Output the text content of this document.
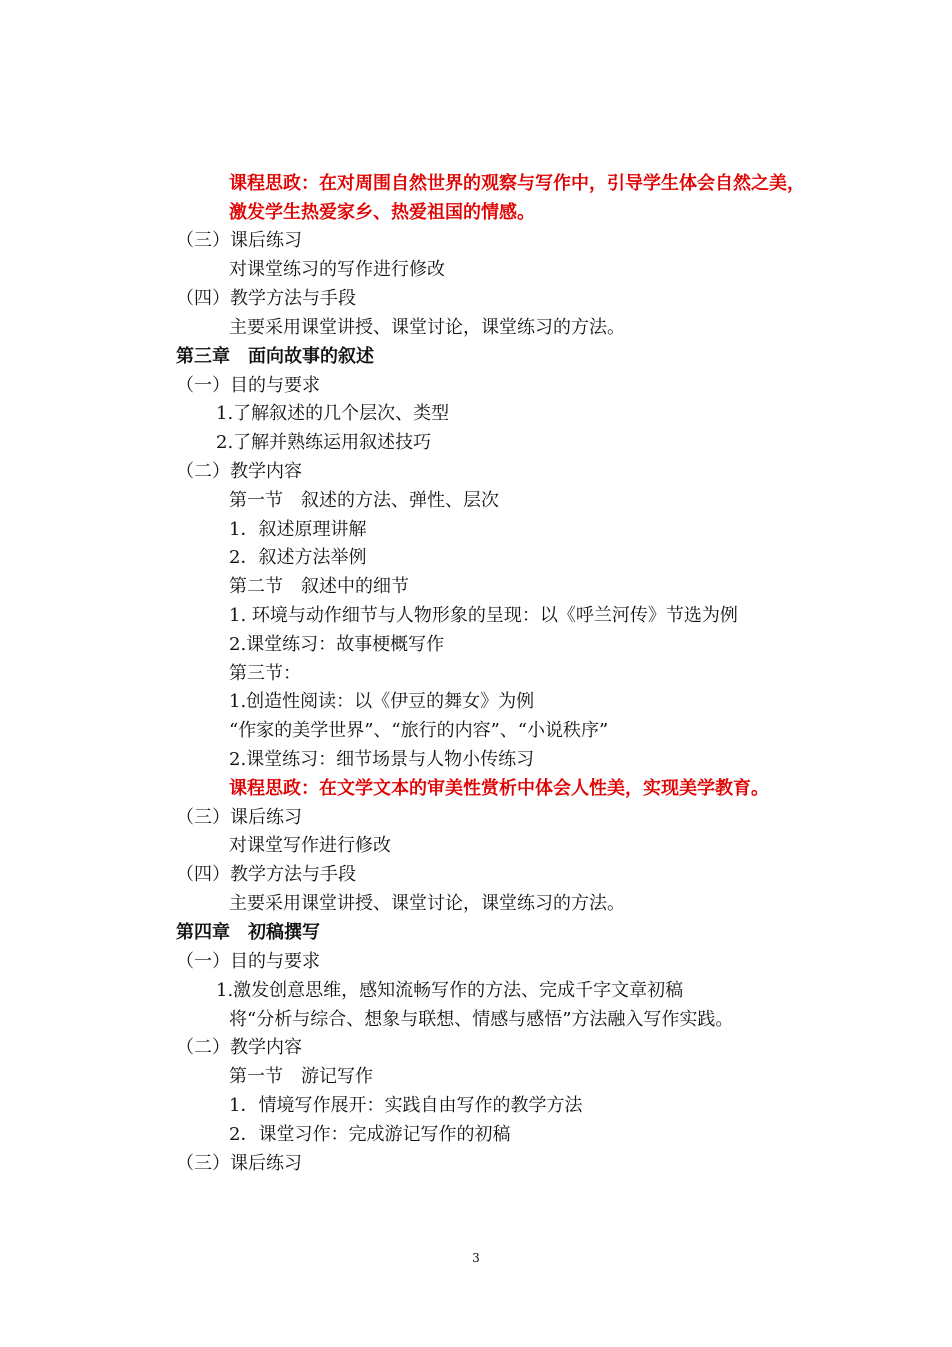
课程思政：在对周围自然世界的观察与写作中，引导学生体会自然之美，
激发学生热爱家乡、热爱祖国的情感。
（三）课后练习
对课堂练习的写作进行修改
（四）教学方法与手段
主要采用课堂讲授、课堂讨论，课堂练习的方法。
第三章　面向故事的叙述
（一）目的与要求
1.了解叙述的几个层次、类型
2.了解并熟练运用叙述技巧
（二）教学内容
第一节　叙述的方法、弹性、层次
1．叙述原理讲解
2．叙述方法举例
第二节　叙述中的细节
1. 环境与动作细节与人物形象的呈现：以《呼兰河传》节选为例
2.课堂练习：故事梗概写作
第三节：
1.创造性阅读：以《伊豆的舞女》为例
“作家的美学世界”、“旅行的内容”、“小说秩序”
2.课堂练习：细节场景与人物小传练习
课程思政：在文学文本的审美性赏析中体会人性美，实现美学教育。
（三）课后练习
对课堂写作进行修改
（四）教学方法与手段
主要采用课堂讲授、课堂讨论，课堂练习的方法。
第四章　初稿撰写
（一）目的与要求
1.激发创意思维，感知流畅写作的方法、完成千字文章初稿
将“分析与综合、想象与联想、情感与感悟”方法融入写作实践。
（二）教学内容
第一节　游记写作
1．情境写作展开：实践自由写作的教学方法
2．课堂习作：完成游记写作的初稿
（三）课后练习
3
